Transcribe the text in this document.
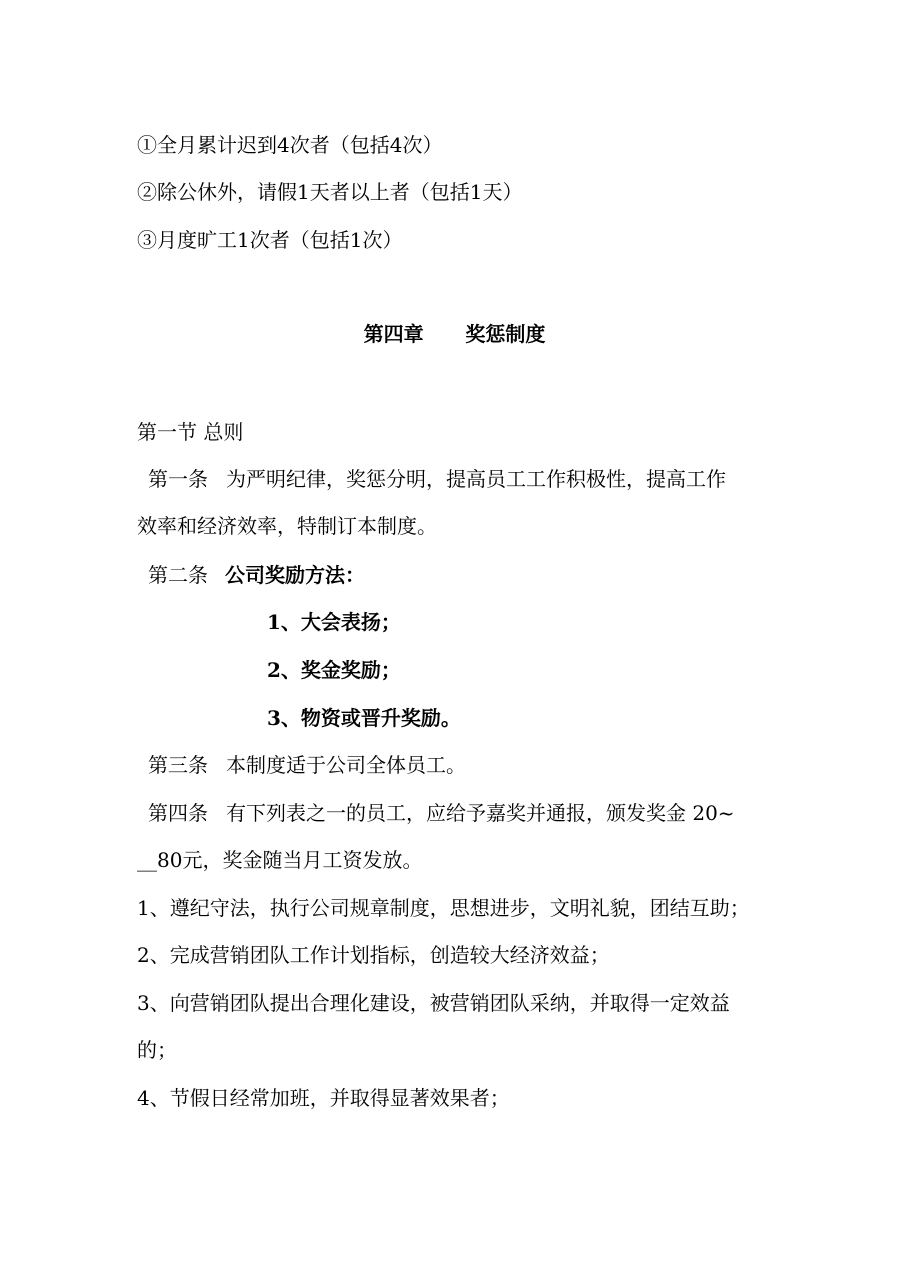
①全月累计迟到4次者（包括4次）
②除公休外，请假1天者以上者（包括1天）
③月度旷工1次者（包括1次）
第四章 奖惩制度
第一节 总则
第一条 为严明纪律，奖惩分明，提高员工工作积极性，提高工作
效率和经济效率，特制订本制度。
第二条 公司奖励方法：
1、大会表扬；
2、奖金奖励；
3、物资或晋升奖励。
第三条 本制度适于公司全体员工。
第四条 有下列表之一的员工，应给予嘉奖并通报，颁发奖金 20~
__80元，奖金随当月工资发放。
1、遵纪守法，执行公司规章制度，思想进步，文明礼貌，团结互助；
2、完成营销团队工作计划指标，创造较大经济效益；
3、向营销团队提出合理化建设，被营销团队采纳，并取得一定效益
的；
4、节假日经常加班，并取得显著效果者；
